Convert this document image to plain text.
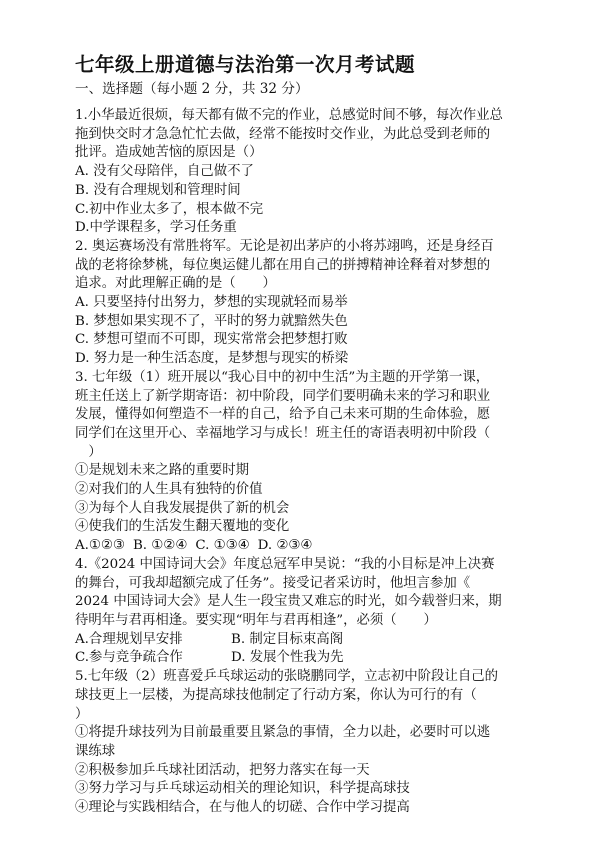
七年级上册道德与法治第一次月考试题

一、选择题（每小题 2 分，共 32 分）

1.小华最近很烦，每天都有做不完的作业，总感觉时间不够，每次作业总

拖到快交时才急急忙忙去做，经常不能按时交作业，为此总受到老师的

批评。造成她苦恼的原因是（）

A. 没有父母陪伴，自己做不了

B. 没有合理规划和管理时间

C.初中作业太多了，根本做不完

D.中学课程多，学习任务重

2. 奥运赛场没有常胜将军。无论是初出茅庐的小将苏翊鸣，还是身经百

战的老将徐梦桃，每位奥运健儿都在用自己的拼搏精神诠释着对梦想的

追求。对此理解正确的是（　　）

A. 只要坚持付出努力，梦想的实现就轻而易举

B. 梦想如果实现不了，平时的努力就黯然失色

C. 梦想可望而不可即，现实常常会把梦想打败

D. 努力是一种生活态度，是梦想与现实的桥梁

3. 七年级（1）班开展以“我心目中的初中生活”为主题的开学第一课，

班主任送上了新学期寄语：初中阶段，同学们要明确未来的学习和职业

发展，懂得如何塑造不一样的自己，给予自己未来可期的生命体验，愿

同学们在这里开心、幸福地学习与成长！班主任的寄语表明初中阶段（

　）

①是规划未来之路的重要时期

②对我们的人生具有独特的价值

③为每个人自我发展提供了新的机会

④使我们的生活发生翻天覆地的变化

A.①②③ B. ①②④ C. ①③④ D. ②③④

4.《2024 中国诗词大会》年度总冠军申昊说：“我的小目标是冲上决赛

的舞台，可我却超额完成了任务”。接受记者采访时，他坦言参加《

2024 中国诗词大会》是人生一段宝贵又难忘的时光，如今载誉归来，期

待明年与君再相逢。要实现“明年与君再相逢”，必须（　　）

A.合理规划早安排	B. 制定目标束高阁
C.参与竞争疏合作	D. 发展个性我为先

5.七年级（2）班喜爱乒乓球运动的张晓鹏同学，立志初中阶段让自己的

球技更上一层楼，为提高球技他制定了行动方案，你认为可行的有（

）

①将提升球技列为目前最重要且紧急的事情，全力以赴，必要时可以逃

课练球

②积极参加乒乓球社团活动，把努力落实在每一天

③努力学习与乒乓球运动相关的理论知识，科学提高球技

④理论与实践相结合，在与他人的切磋、合作中学习提高
